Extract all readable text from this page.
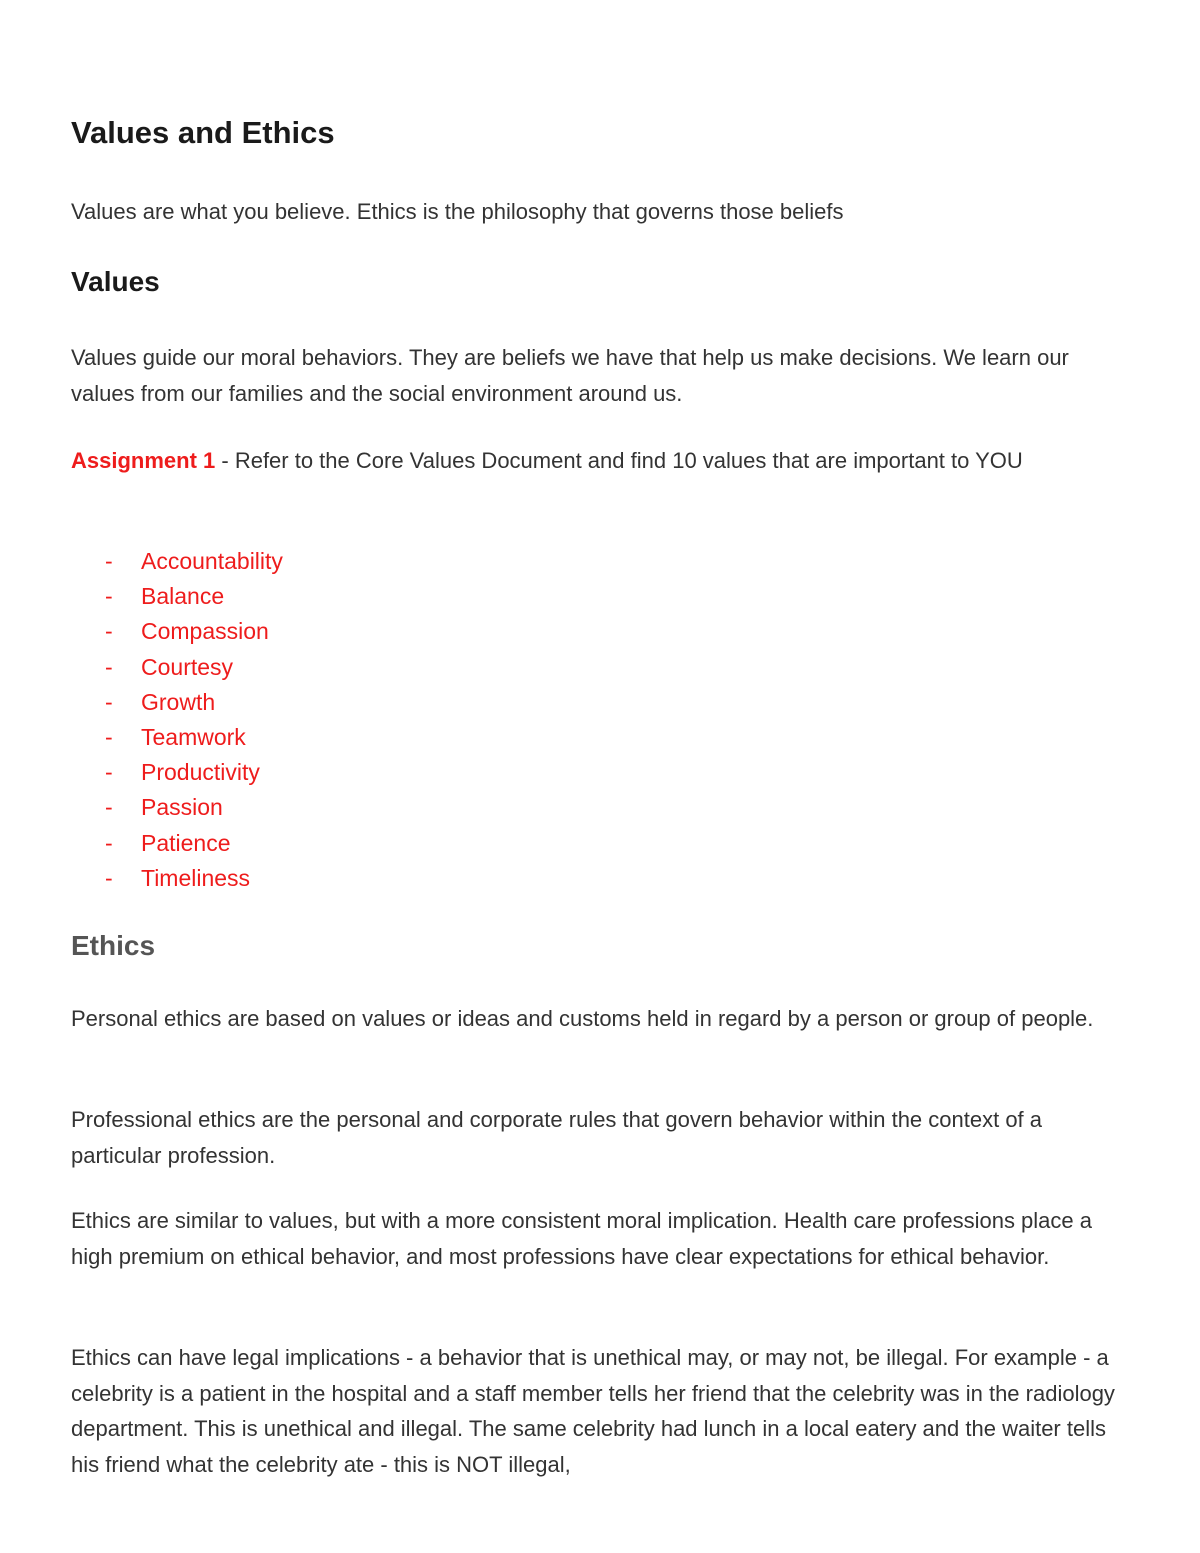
Values and Ethics

Values are what you believe. Ethics is the philosophy that governs those beliefs

Values

Values guide our moral behaviors. They are beliefs we have that help us make decisions. We learn our values from our families and the social environment around us.

Assignment 1 - Refer to the Core Values Document and find 10 values that are important to YOU

-	Accountability
-	Balance
-	Compassion
-	Courtesy
-	Growth
-	Teamwork
-	Productivity
-	Passion
-	Patience
-	Timeliness
Ethics

Personal ethics are based on values or ideas and customs held in regard by a person or group of people.

Professional ethics are the personal and corporate rules that govern behavior within the context of a particular profession.

Ethics are similar to values, but with a more consistent moral implication. Health care professions place a high premium on ethical behavior, and most professions have clear expectations for ethical behavior.

Ethics can have legal implications - a behavior that is unethical may, or may not, be illegal. For example - a celebrity is a patient in the hospital and a staff member tells her friend that the celebrity was in the radiology department. This is unethical and illegal. The same celebrity had lunch in a local eatery and the waiter tells his friend what the celebrity ate - this is NOT illegal,
